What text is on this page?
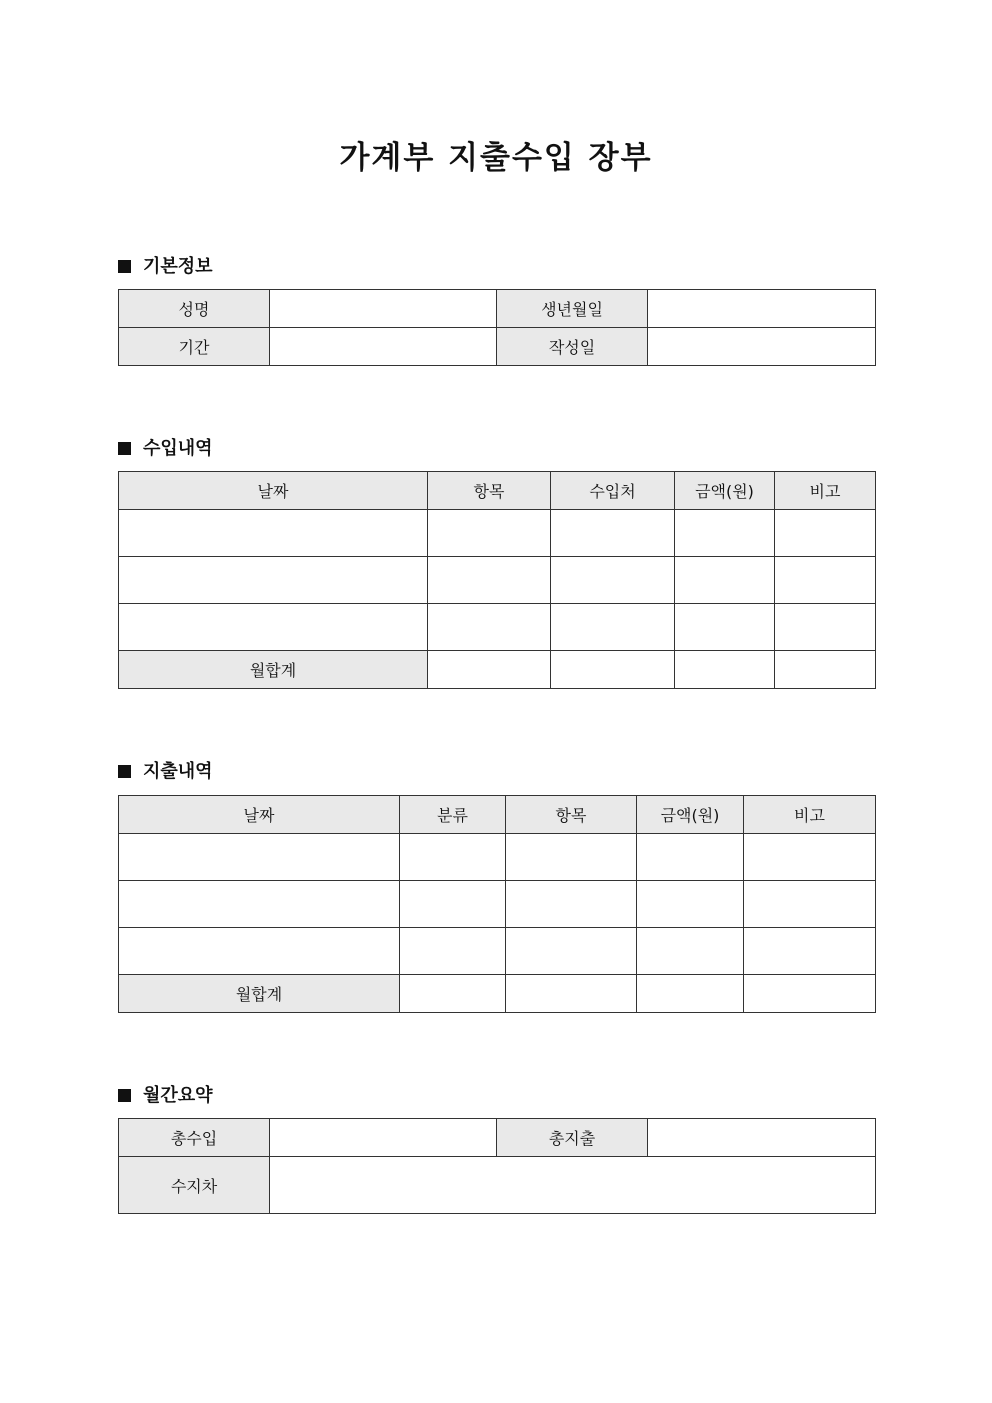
가계부 지출수입 장부
기본정보
성명		생년월일	
기간		작성일	
수입내역
날짜	항목	수입처	금액(원)	비고

월합계				
지출내역
날짜	분류	항목	금액(원)	비고

월합계				
월간요약
총수입		총지출	
수지차			
